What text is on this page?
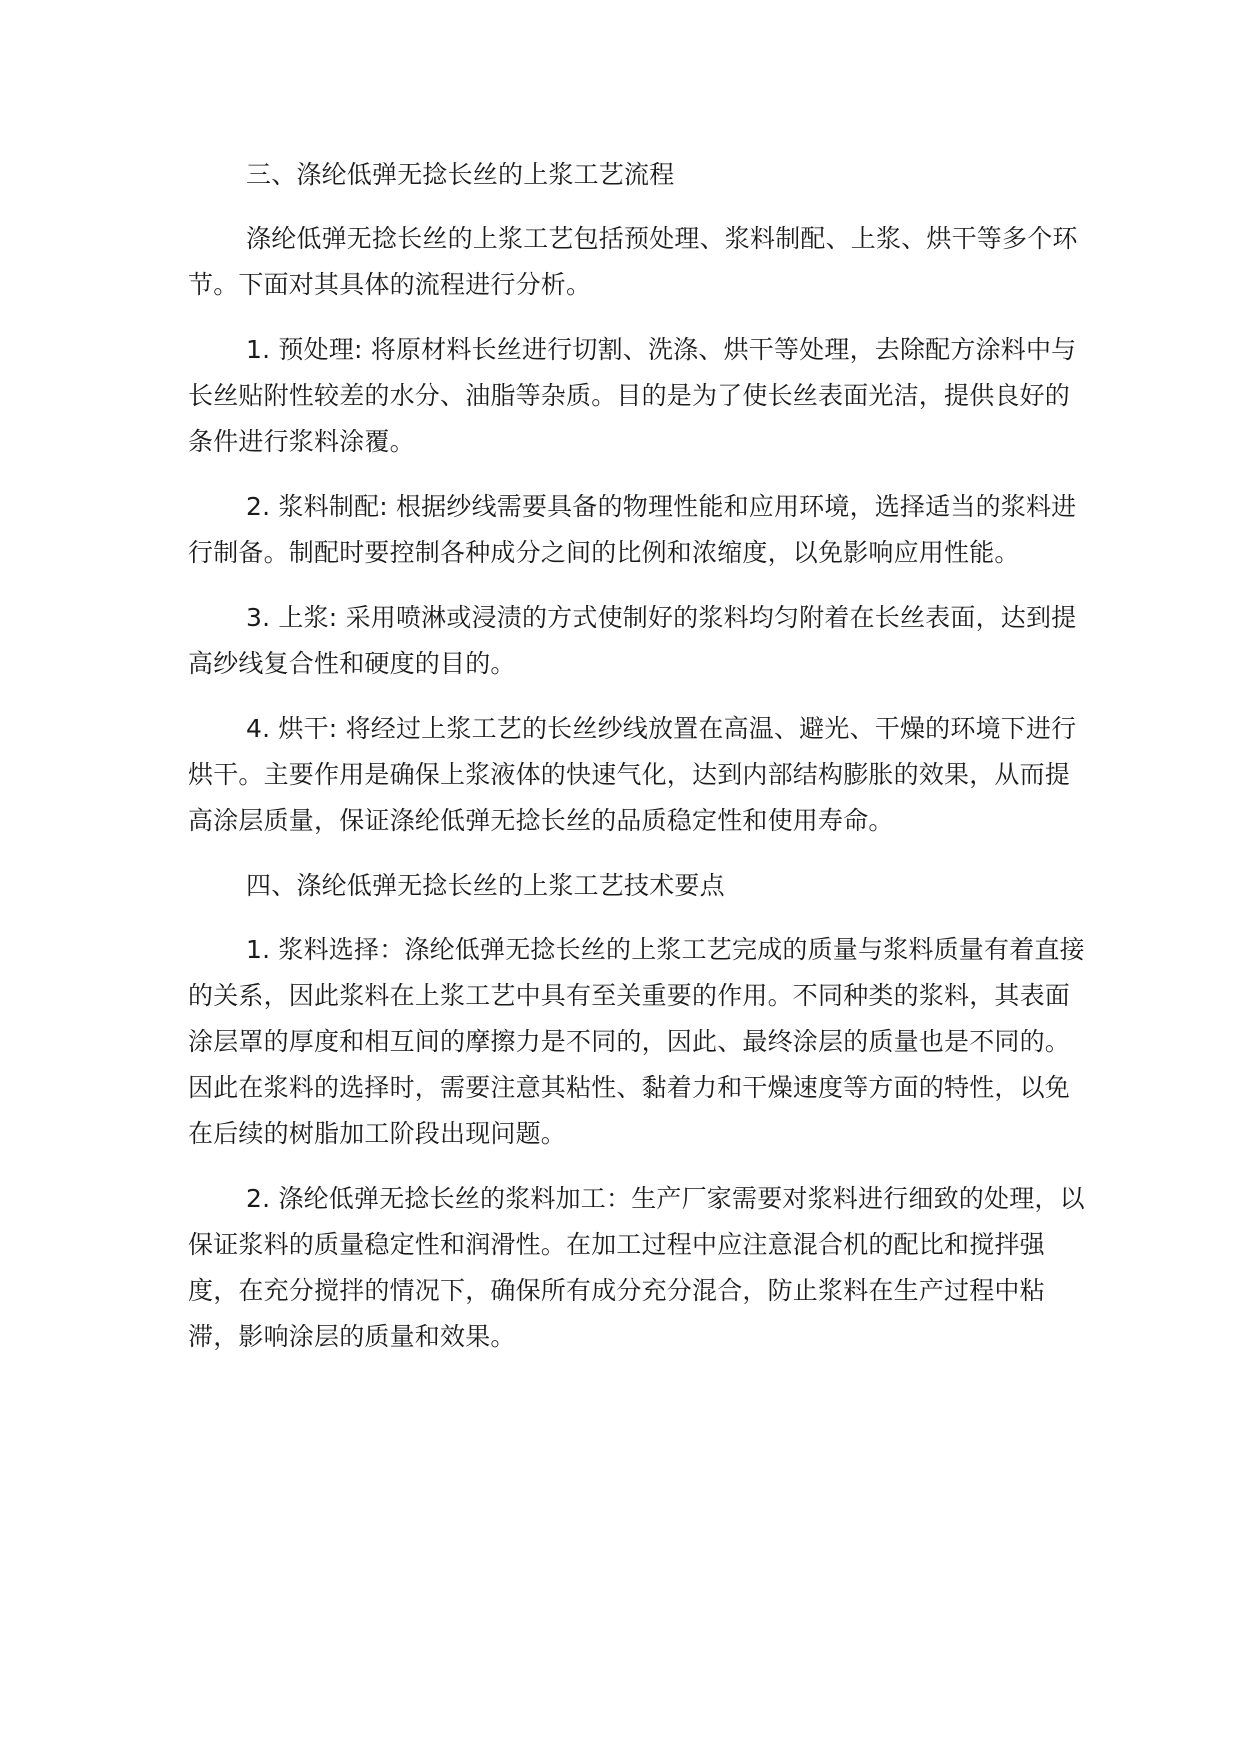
三、涤纶低弹无捻长丝的上浆工艺流程

涤纶低弹无捻长丝的上浆工艺包括预处理、浆料制配、上浆、烘干等多个环节。下面对其具体的流程进行分析。

1. 预处理: 将原材料长丝进行切割、洗涤、烘干等处理，去除配方涂料中与长丝贴附性较差的水分、油脂等杂质。目的是为了使长丝表面光洁，提供良好的条件进行浆料涂覆。

2. 浆料制配: 根据纱线需要具备的物理性能和应用环境，选择适当的浆料进行制备。制配时要控制各种成分之间的比例和浓缩度，以免影响应用性能。

3. 上浆: 采用喷淋或浸渍的方式使制好的浆料均匀附着在长丝表面，达到提高纱线复合性和硬度的目的。

4. 烘干: 将经过上浆工艺的长丝纱线放置在高温、避光、干燥的环境下进行烘干。主要作用是确保上浆液体的快速气化，达到内部结构膨胀的效果，从而提高涂层质量，保证涤纶低弹无捻长丝的品质稳定性和使用寿命。

四、涤纶低弹无捻长丝的上浆工艺技术要点

1. 浆料选择：涤纶低弹无捻长丝的上浆工艺完成的质量与浆料质量有着直接的关系，因此浆料在上浆工艺中具有至关重要的作用。不同种类的浆料，其表面涂层罩的厚度和相互间的摩擦力是不同的，因此、最终涂层的质量也是不同的。因此在浆料的选择时，需要注意其粘性、黏着力和干燥速度等方面的特性，以免在后续的树脂加工阶段出现问题。

2. 涤纶低弹无捻长丝的浆料加工：生产厂家需要对浆料进行细致的处理，以保证浆料的质量稳定性和润滑性。在加工过程中应注意混合机的配比和搅拌强度，在充分搅拌的情况下，确保所有成分充分混合，防止浆料在生产过程中粘滞，影响涂层的质量和效果。
